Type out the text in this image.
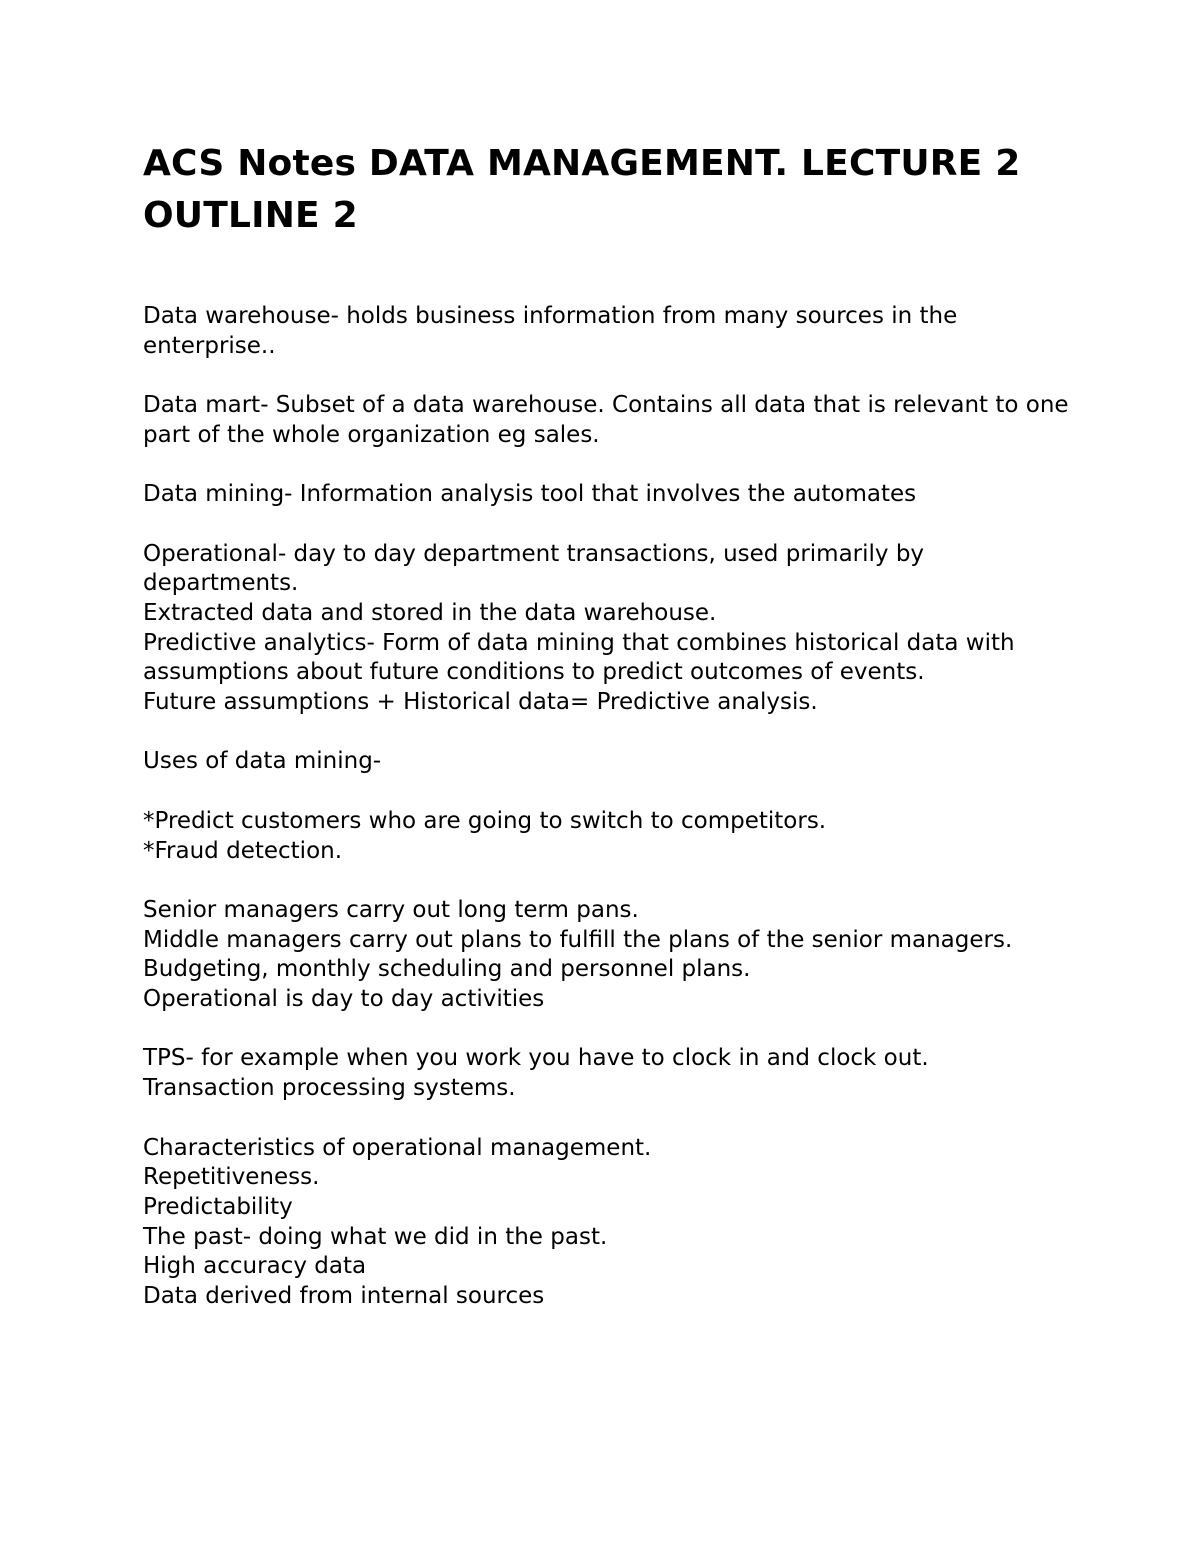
ACS Notes DATA MANAGEMENT. LECTURE 2 OUTLINE 2
Data warehouse- holds business information from many sources in the enterprise..
Data mart- Subset of a data warehouse. Contains all data that is relevant to one part of the whole organization eg sales.
Data mining- Information analysis tool that involves the automates
Operational- day to day department transactions, used primarily by departments.
Extracted data and stored in the data warehouse.
Predictive analytics- Form of data mining that combines historical data with assumptions about future conditions to predict outcomes of events.
Future assumptions + Historical data= Predictive analysis.
Uses of data mining-
*Predict customers who are going to switch to competitors.
*Fraud detection.
Senior managers carry out long term pans.
Middle managers carry out plans to fulfill the plans of the senior managers. Budgeting, monthly scheduling and personnel plans.
Operational is day to day activities
TPS- for example when you work you have to clock in and clock out.
Transaction processing systems.
Characteristics of operational management.
Repetitiveness.
Predictability
The past- doing what we did in the past.
High accuracy data
Data derived from internal sources
